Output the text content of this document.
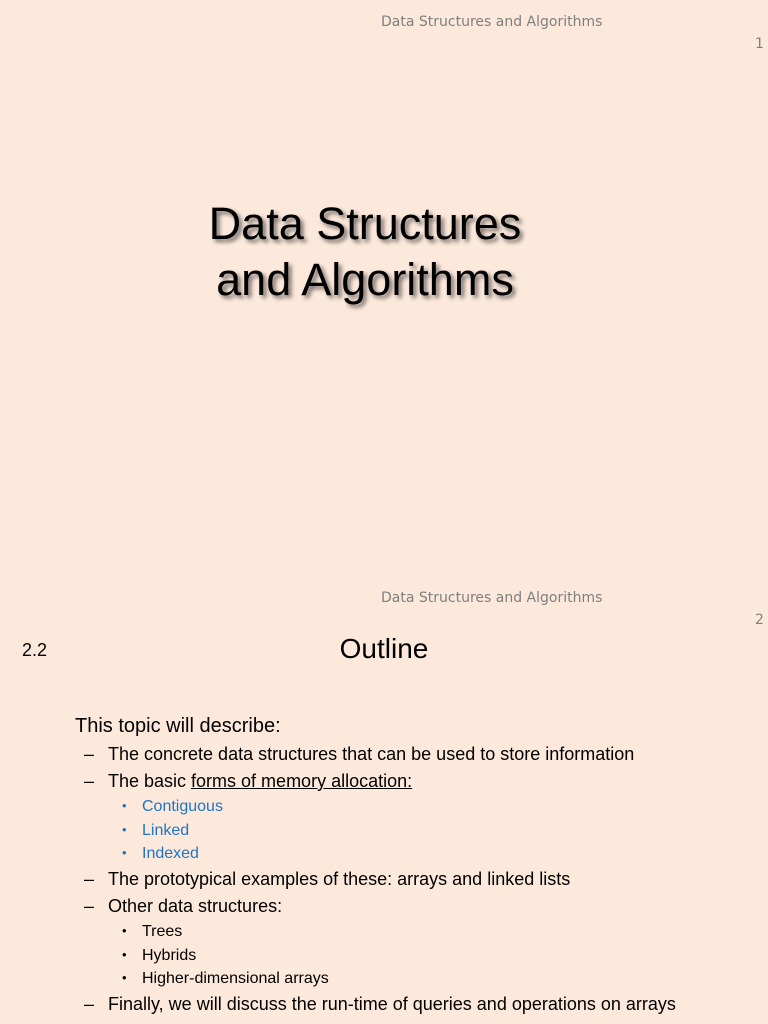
Data Structures and Algorithms
1
Data Structures
and Algorithms
Data Structures and Algorithms
2
2.2	Outline
This topic will describe:
– The concrete data structures that can be used to store information
– The basic forms of memory allocation:
• Contiguous
• Linked
• Indexed
– The prototypical examples of these: arrays and linked lists
– Other data structures:
• Trees
• Hybrids
• Higher-dimensional arrays
– Finally, we will discuss the run-time of queries and operations on arrays
